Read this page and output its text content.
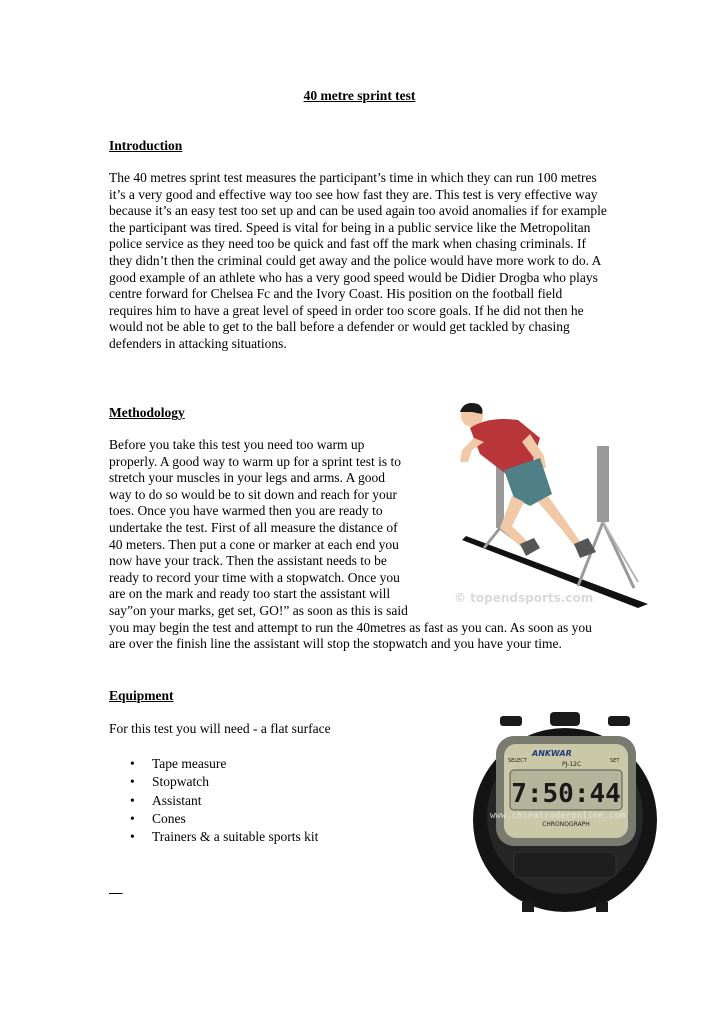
40 metre sprint test
Introduction

The 40 metres sprint test measures the participant’s time in which they can run 100 metres it’s a very good and effective way too see how fast they are. This test is very effective way because it’s an easy test too set up and can be used again too avoid anomalies if for example the participant was tired. Speed is vital for being in a public service like the Metropolitan police service as they need too be quick and fast off the mark when chasing criminals. If they didn’t then the criminal could get away and the police would have more work to do. A good example of an athlete who has a very good speed would be Didier Drogba who plays centre forward for Chelsea Fc and the Ivory Coast. His position on the football field requires him to have a great level of speed in order too score goals. If he did not then he would not be able to get to the ball before a defender or would get tackled by chasing defenders in attacking situations.

Methodology

Before you take this test you need too warm up properly. A good way to warm up for a sprint test is to stretch your muscles in your legs and arms. A good way to do so would be to sit down and reach for your toes. Once you have warmed then you are ready to undertake the test. First of all measure the distance of 40 meters. Then put a cone or marker at each end you now have your track. Then the assistant needs to be ready to record your time with a stopwatch. Once you are on the mark and ready too start the assistant will say”on your marks, get set, GO!” as soon as this is said you may begin the test and attempt to run the 40metres as fast as you can. As soon as you are over the finish line the assistant will stop the stopwatch and you have your time.

© topendsports.com
Equipment
For this test you will need - a flat surface
• Tape measure
• Stopwatch
• Assistant
• Cones
• Trainers & a suitable sports kit

ANKWAR
PJ-12C
SELECT	SET
7:50:44
CHRONOGRAPH
www.chinatraderonline.com
